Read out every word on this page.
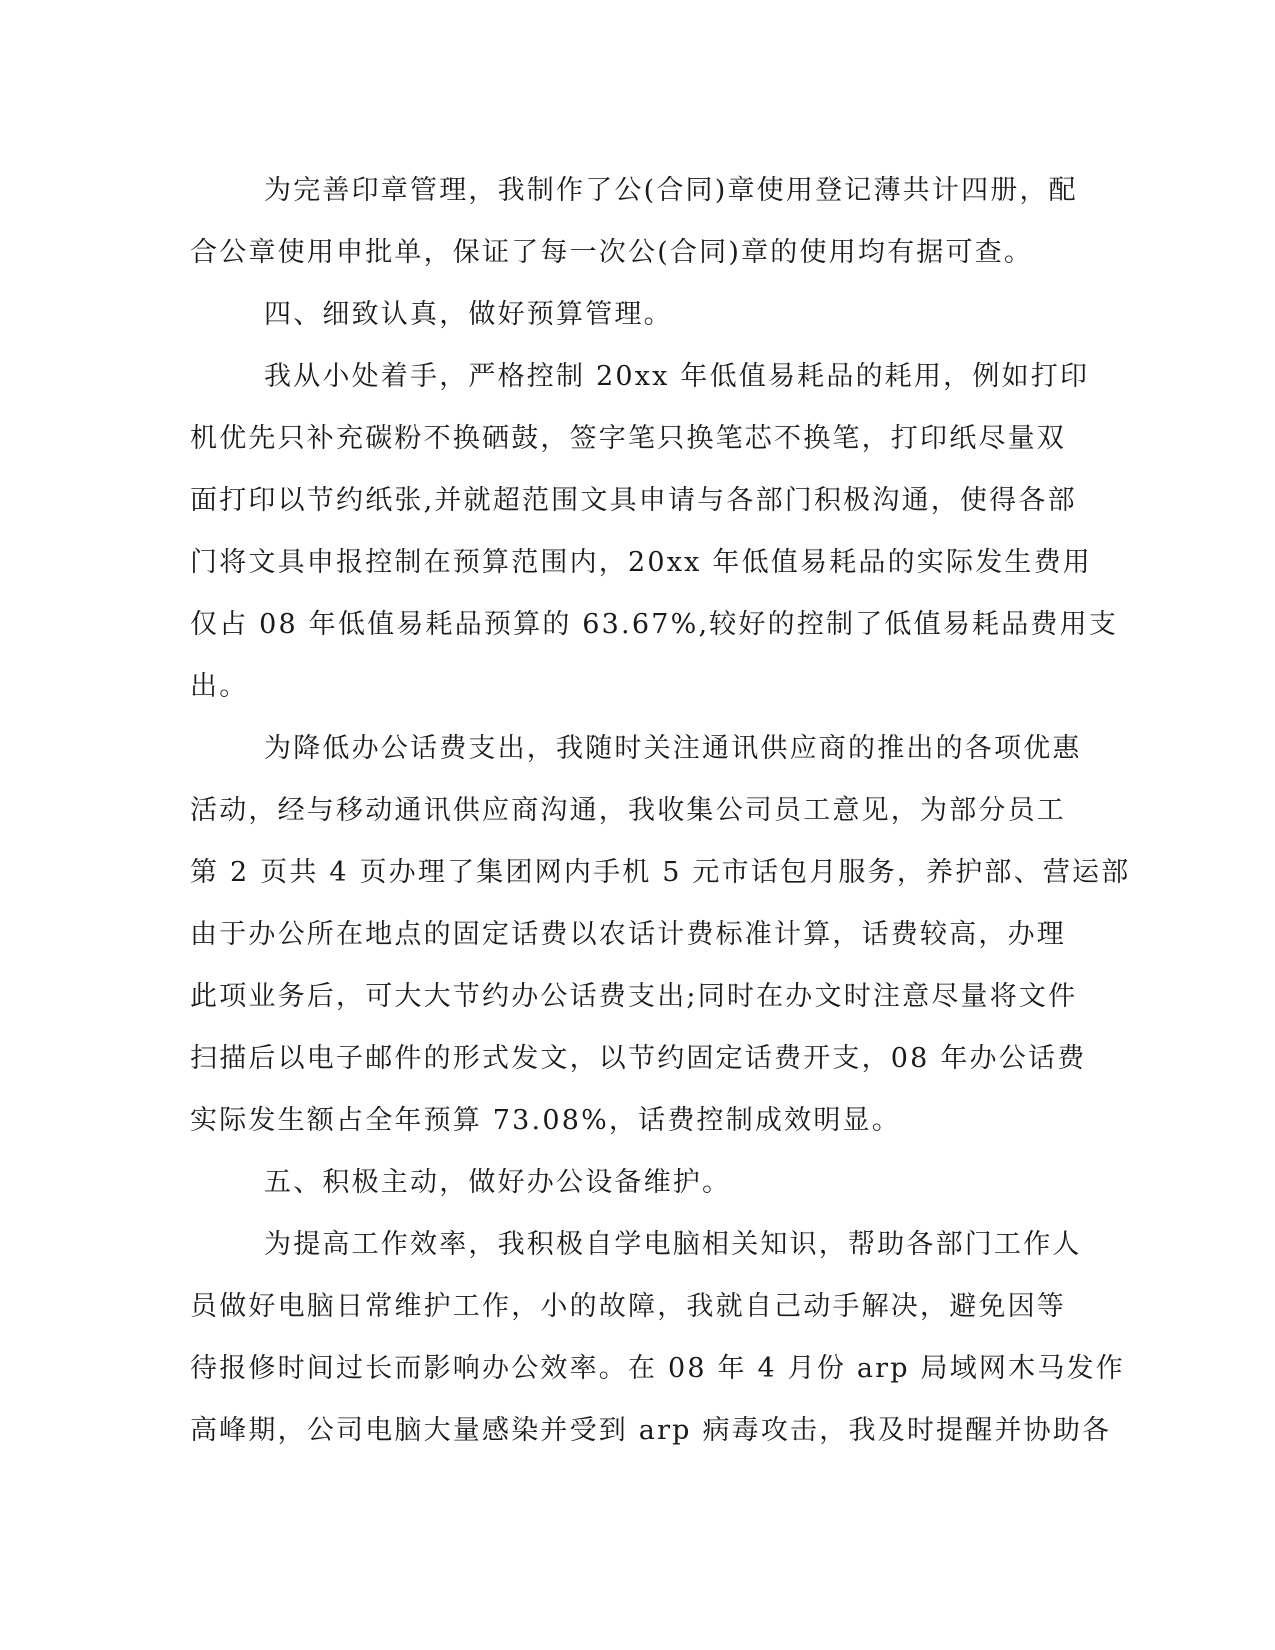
为完善印章管理，我制作了公(合同)章使用登记薄共计四册，配
合公章使用申批单，保证了每一次公(合同)章的使用均有据可查。
四、细致认真，做好预算管理。
我从小处着手，严格控制 20xx 年低值易耗品的耗用，例如打印
机优先只补充碳粉不换硒鼓，签字笔只换笔芯不换笔，打印纸尽量双
面打印以节约纸张,并就超范围文具申请与各部门积极沟通，使得各部
门将文具申报控制在预算范围内，20xx 年低值易耗品的实际发生费用
仅占 08 年低值易耗品预算的 63.67%,较好的控制了低值易耗品费用支
出。
为降低办公话费支出，我随时关注通讯供应商的推出的各项优惠
活动，经与移动通讯供应商沟通，我收集公司员工意见，为部分员工
第 2 页共 4 页办理了集团网内手机 5 元市话包月服务，养护部、营运部
由于办公所在地点的固定话费以农话计费标准计算，话费较高，办理
此项业务后，可大大节约办公话费支出;同时在办文时注意尽量将文件
扫描后以电子邮件的形式发文，以节约固定话费开支，08 年办公话费
实际发生额占全年预算 73.08%，话费控制成效明显。
五、积极主动，做好办公设备维护。
为提高工作效率，我积极自学电脑相关知识，帮助各部门工作人
员做好电脑日常维护工作，小的故障，我就自己动手解决，避免因等
待报修时间过长而影响办公效率。在 08 年 4 月份 arp 局域网木马发作
高峰期，公司电脑大量感染并受到 arp 病毒攻击，我及时提醒并协助各
